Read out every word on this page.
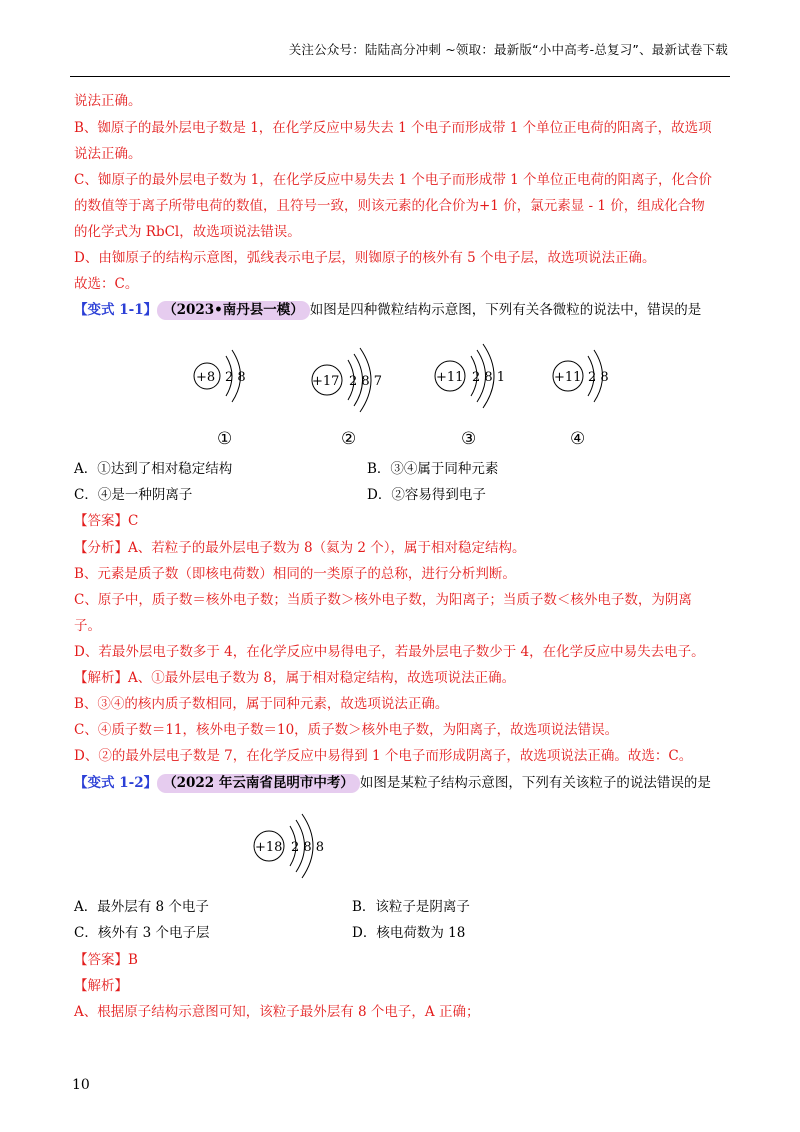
关注公众号：陆陆高分冲刺 ~领取：最新版“小中高考-总复习”、最新试卷下载
说法正确。
B、铷原子的最外层电子数是 1，在化学反应中易失去 1 个电子而形成带 1 个单位正电荷的阳离子，故选项
说法正确。
C、铷原子的最外层电子数为 1，在化学反应中易失去 1 个电子而形成带 1 个单位正电荷的阳离子，化合价
的数值等于离子所带电荷的数值，且符号一致，则该元素的化合价为+1 价，氯元素显 - 1 价，组成化合物
的化学式为 RbCl，故选项说法错误。
D、由铷原子的结构示意图，弧线表示电子层，则铷原子的核外有 5 个电子层，故选项说法正确。
故选：C。
【变式 1-1】 （2023•南丹县一模） 如图是四种微粒结构示意图，下列有关各微粒的说法中，错误的是
+8 2 8	+17 2 8 7	+11 2 8 1	+11 2 8
①	②	③	④
A．①达到了相对稳定结构	B．③④属于同种元素
C．④是一种阴离子	D．②容易得到电子
【答案】C
【分析】A、若粒子的最外层电子数为 8（氦为 2 个），属于相对稳定结构。
B、元素是质子数（即核电荷数）相同的一类原子的总称，进行分析判断。
C、原子中，质子数＝核外电子数；当质子数＞核外电子数，为阳离子；当质子数＜核外电子数，为阴离
子。
D、若最外层电子数多于 4，在化学反应中易得电子，若最外层电子数少于 4，在化学反应中易失去电子。
【解析】A、①最外层电子数为 8，属于相对稳定结构，故选项说法正确。
B、③④的核内质子数相同，属于同种元素，故选项说法正确。
C、④质子数＝11，核外电子数＝10，质子数＞核外电子数，为阳离子，故选项说法错误。
D、②的最外层电子数是 7，在化学反应中易得到 1 个电子而形成阴离子，故选项说法正确。故选：C。
【变式 1-2】 （2022 年云南省昆明市中考） 如图是某粒子结构示意图，下列有关该粒子的说法错误的是
+18 2 8 8
A．最外层有 8 个电子	B．该粒子是阴离子
C．核外有 3 个电子层	D．核电荷数为 18
【答案】B
【解析】
A、根据原子结构示意图可知，该粒子最外层有 8 个电子，A 正确；
10
